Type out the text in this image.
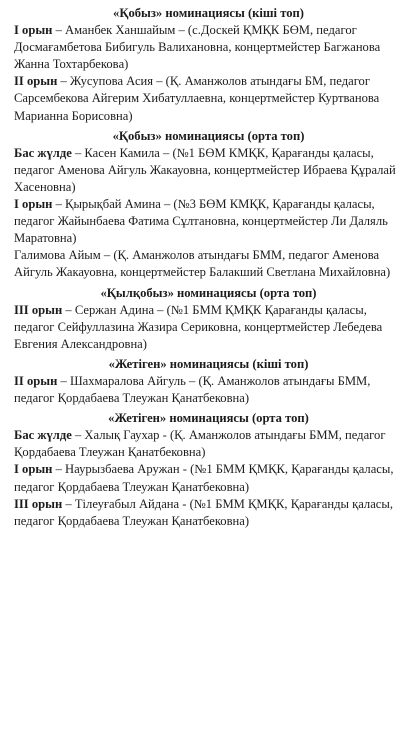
«Қобыз» номинациясы (кіші топ)

I орын – Аманбек Ханшайым – (с.Доскей ҚМҚК БӨМ, педагог Досмағамбетова Бибигуль Валихановна, концертмейстер Багжанова Жанна Тохтарбековa)

II орын – Жусупова Асия – (Қ. Аманжолов атындағы БМ, педагог Сарсембекова Айгерим Хибатуллаевна, концертмейстер Куртванова Марианна Борисовна)

«Қобыз» номинациясы (орта топ)

Бас жүлде – Касен Камила – (№1 БӨМ КМҚК, Қарағанды қаласы, педагог Аменова Айгуль Жакауовна, концертмейстер Ибраева Құралай Хасеновна)

I орын – Қырықбай Амина – (№3 БӨМ КМҚК, Қарағанды қаласы, педагог Жайынбаева Фатима Сұлтановна, концертмейстер Ли Даляль Маратовна)

Галимова Айым – (Қ. Аманжолов атындағы БММ, педагог Аменова Айгуль Жакауовна, концертмейстер Балакший Светлана Михайловна)

«Қылқобыз» номинациясы (орта топ)

III орын – Сержан Адина – (№1 БММ ҚМҚК Қарағанды қаласы, педагог Сейфуллазина Жазира Сериковна, концертмейстер Лебедева Евгения Александровна)

«Жетіген» номинациясы (кіші топ)

II орын – Шахмаралова Айгуль – (Қ. Аманжолов атындағы БММ, педагог Қордабаева Тлеужан Қанатбековна)

«Жетіген» номинациясы (орта топ)

Бас жүлде – Халық Гаухар - (Қ. Аманжолов атындағы БММ, педагог Қордабаева Тлеужан Қанатбековна)

I орын – Наурызбаева Аружан - (№1 БММ ҚМҚК, Қарағанды қаласы, педагог Қордабаева Тлеужан Қанатбековна)

III орын – Тілеуғабыл Айдана - (№1 БММ ҚМҚК, Қарағанды қаласы, педагог Қордабаева Тлеужан Қанатбековна)
